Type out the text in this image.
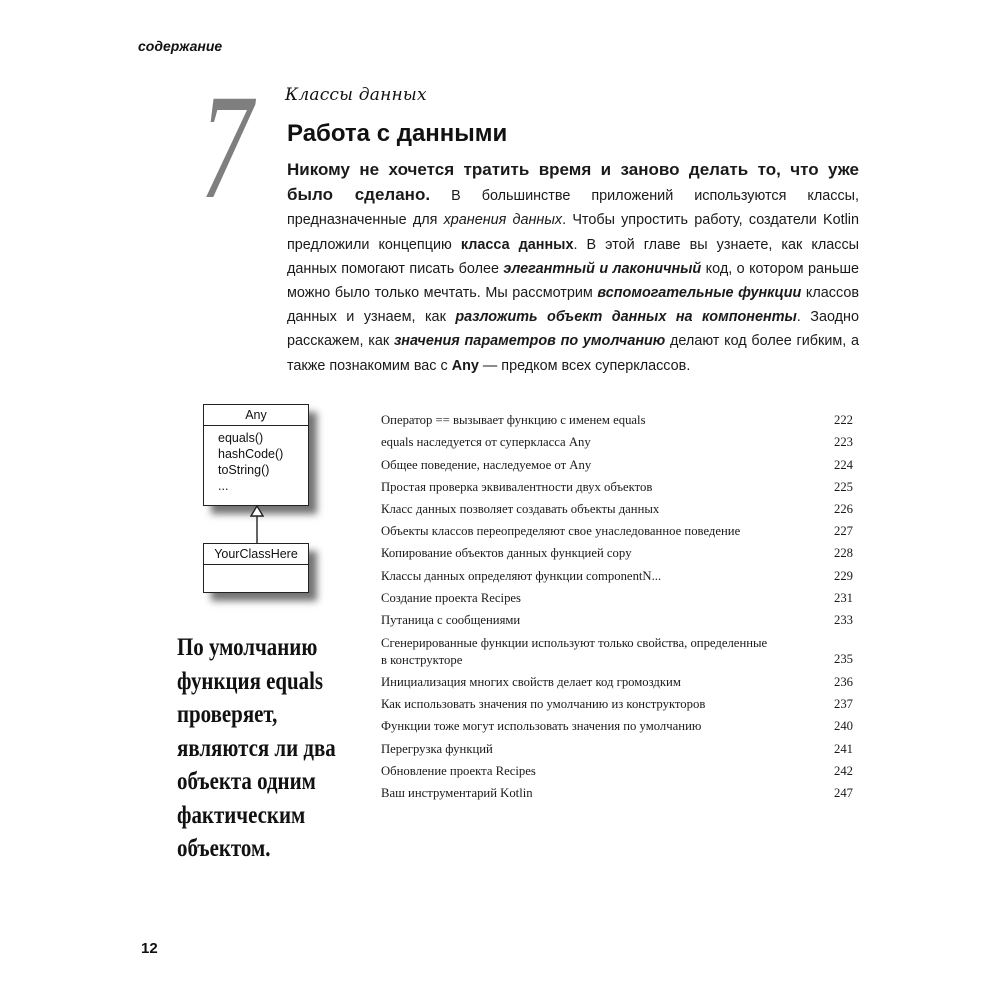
содержание
7 Классы данных
Работа с данными
Никому не хочется тратить время и заново делать то, что уже было сделано. В большинстве приложений используются классы, предназначенные для хранения данных. Чтобы упростить работу, создатели Kotlin предложили концепцию класса данных. В этой главе вы узнаете, как классы данных помогают писать более элегантный и лаконичный код, о котором раньше можно было только мечтать. Мы рассмотрим вспомогательные функции классов данных и узнаем, как разложить объект данных на компоненты. Заодно расскажем, как значения параметров по умолчанию делают код более гибким, а также познакомим вас с Any — предком всех суперклассов.
Any
equals()
hashCode()
toString()
...
YourClassHere
По умолчанию функция equals проверяет, являются ли два объекта одним фактическим объектом.
Оператор == вызывает функцию с именем equals	222
equals наследуется от суперкласса Any	223
Общее поведение, наследуемое от Any	224
Простая проверка эквивалентности двух объектов	225
Класс данных позволяет создавать объекты данных	226
Объекты классов переопределяют свое унаследованное поведение	227
Копирование объектов данных функцией copy	228
Классы данных определяют функции componentN...	229
Создание проекта Recipes	231
Путаница с сообщениями	233
Сгенерированные функции используют только свойства, определенные в конструкторе	235
Инициализация многих свойств делает код громоздким	236
Как использовать значения по умолчанию из конструкторов	237
Функции тоже могут использовать значения по умолчанию	240
Перегрузка функций	241
Обновление проекта Recipes	242
Ваш инструментарий Kotlin	247
12
